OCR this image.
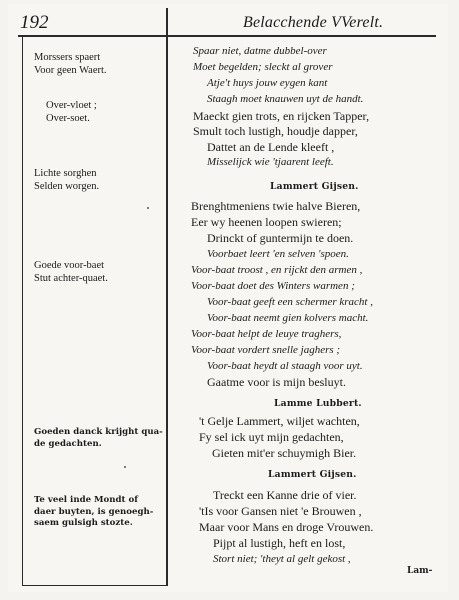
192	Belacchende VVerelt.
Morssers spaert
Voor geen Waert.
Over-vloet ;
Over-soet.
Lichte sorghen
Selden worgen.
Goede voor-baet
Stut achter-quaet.
Goeden danck krijght qua-
de gedachten.
Te veel inde Mondt of
daer buyten, is genoegh-
saem gulsigh stozte.
Spaar niet, datme dubbel-over
Moet begelden; sleckt al grover
Atje't huys jouw eygen kant
Staagh moet knauwen uyt de handt.
Maeckt gien trots, en rijcken Tapper,
Smult toch lustigh, houdje dapper,
Dattet an de Lende kleeft ,
Misselijck wie 'tjaarent leeft.
Lammert Gijsen.
Brenghtmeniens twie halve Bieren,
Eer wy heenen loopen swieren;
Drinckt of guntermijn te doen.
Voorbaet leert 'en selven 'spoen.
Voor-baat troost , en rijckt den armen ,
Voor-baat doet des Winters warmen ;
Voor-baat geeft een schermer kracht ,
Voor-baat neemt gien kolvers macht.
Voor-baat helpt de leuye traghers,
Voor-baat vordert snelle jaghers ;
Voor-baat heydt al staagh voor uyt.
Gaatme voor is mijn besluyt.
Lamme Lubbert.
't Gelje Lammert, wiljet wachten,
Fy sel ick uyt mijn gedachten,
Gieten mit'er schuymigh Bier.
Lammert Gijsen.
Treckt een Kanne drie of vier.
'tIs voor Gansen niet 'e Brouwen ,
Maar voor Mans en droge Vrouwen.
Pijpt al lustigh, heft en lost,
Stort niet; 'theyt al gelt gekost ,
Lam-
